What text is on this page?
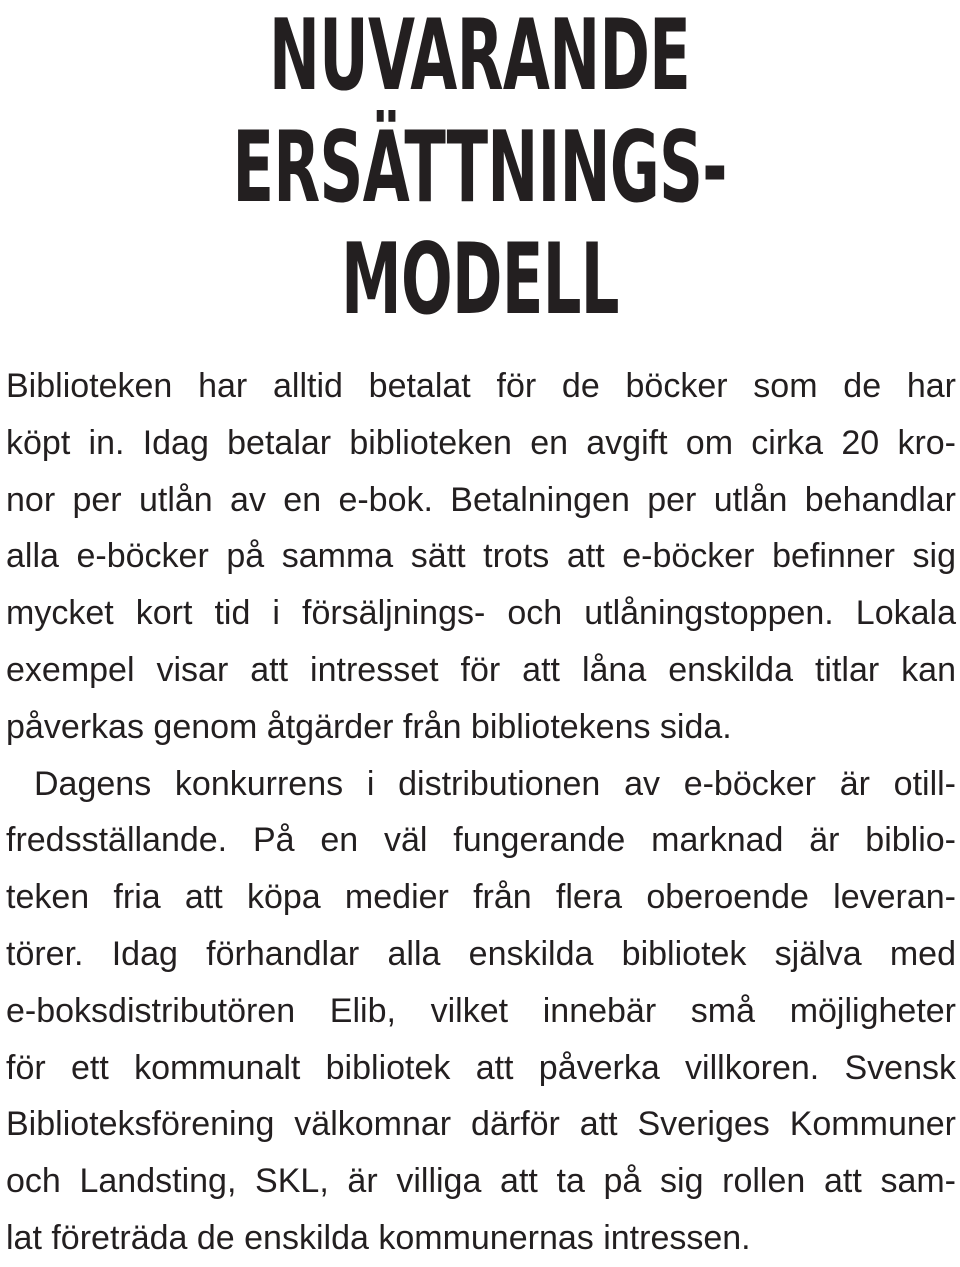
NUVARANDE
ERSÄTTNINGS-
MODELL
Biblioteken har alltid betalat för de böcker som de har
köpt in. Idag betalar biblioteken en avgift om cirka 20 kro-
nor per utlån av en e-bok. Betalningen per utlån behandlar
alla e-böcker på samma sätt trots att e-böcker befinner sig
mycket kort tid i försäljnings- och utlåningstoppen. Lokala
exempel visar att intresset för att låna enskilda titlar kan
påverkas genom åtgärder från bibliotekens sida.
Dagens konkurrens i distributionen av e-böcker är otill-
fredsställande. På en väl fungerande marknad är biblio-
teken fria att köpa medier från flera oberoende leveran-
törer. Idag förhandlar alla enskilda bibliotek själva med
e-boksdistributören Elib, vilket innebär små möjligheter
för ett kommunalt bibliotek att påverka villkoren. Svensk
Biblioteksförening välkomnar därför att Sveriges Kommuner
och Landsting, SKL, är villiga att ta på sig rollen att sam-
lat företräda de enskilda kommunernas intressen.
